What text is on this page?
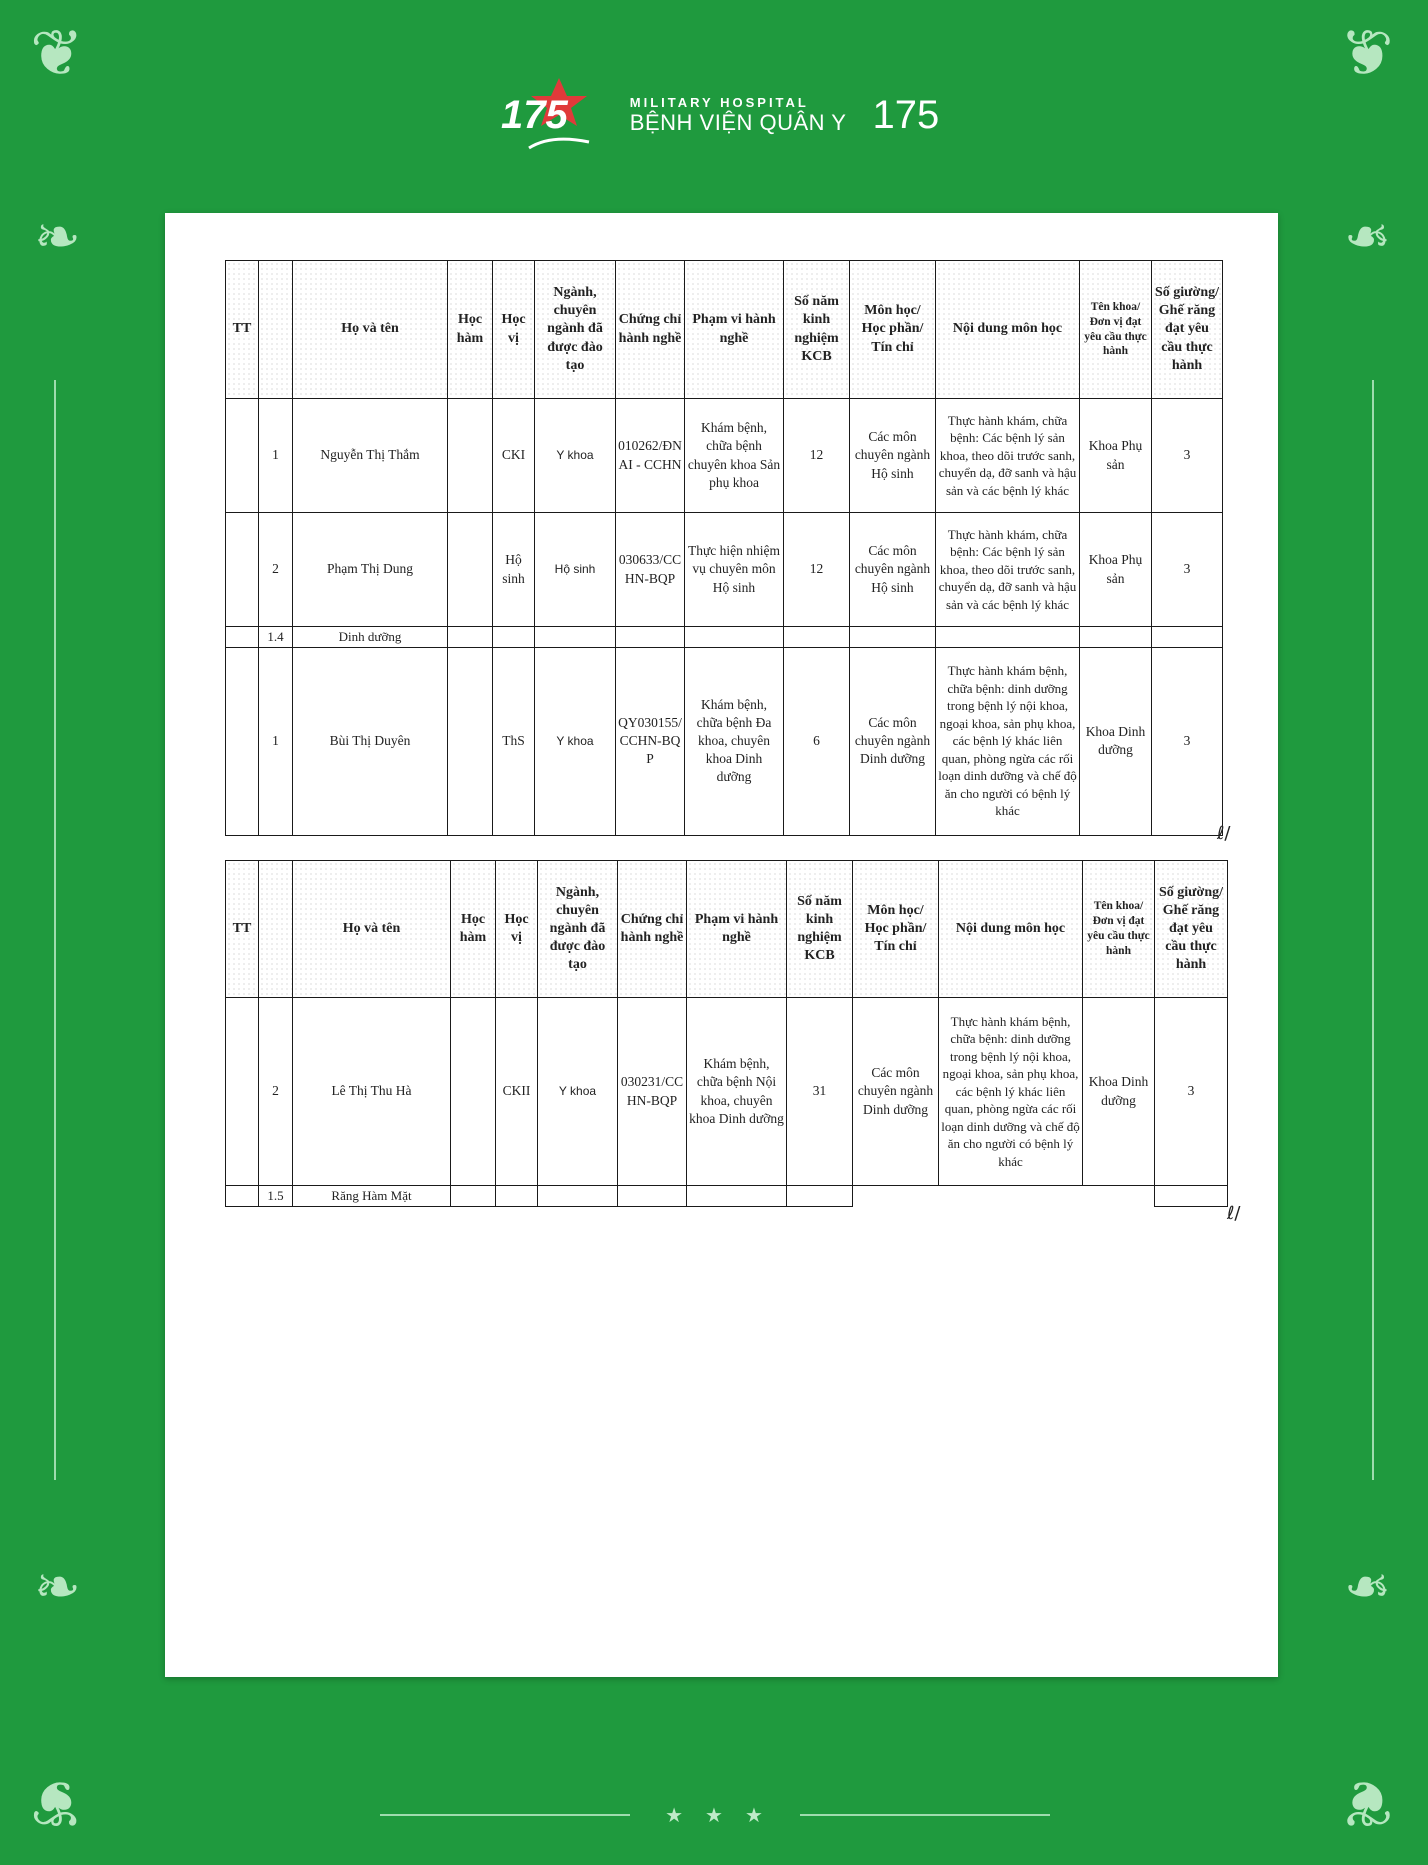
❦	❦
❦	❦
❧	❧
❧	❧
175	MILITARY HOSPITAL
BỆNH VIỆN QUÂN Y 175
TT		Họ và tên	Học hàm	Học vị	Ngành, chuyên ngành đã được đào tạo	Chứng chỉ hành nghề	Phạm vi hành nghề	Số năm kinh nghiệm KCB	Môn học/ Học phần/ Tín chỉ	Nội dung môn học	Tên khoa/ Đơn vị đạt yêu cầu thực hành	Số giường/ Ghế răng đạt yêu cầu thực hành
	1	Nguyễn Thị Thắm		CKI	Y khoa	010262/ĐNAI - CCHN	Khám bệnh, chữa bệnh chuyên khoa Sản phụ khoa	12	Các môn chuyên ngành Hộ sinh	Thực hành khám, chữa bệnh: Các bệnh lý sản khoa, theo dõi trước sanh, chuyển dạ, đỡ sanh và hậu sản và các bệnh lý khác	Khoa Phụ sản	3
	2	Phạm Thị Dung		Hộ sinh	Hộ sinh	030633/CCHN-BQP	Thực hiện nhiệm vụ chuyên môn Hộ sinh	12	Các môn chuyên ngành Hộ sinh	Thực hành khám, chữa bệnh: Các bệnh lý sản khoa, theo dõi trước sanh, chuyển dạ, đỡ sanh và hậu sản và các bệnh lý khác	Khoa Phụ sản	3
	1.4	Dinh dưỡng										
	1	Bùi Thị Duyên		ThS	Y khoa	QY030155/CCHN-BQP	Khám bệnh, chữa bệnh Đa khoa, chuyên khoa Dinh dưỡng	6	Các môn chuyên ngành Dinh dưỡng	Thực hành khám bệnh, chữa bệnh: dinh dưỡng trong bệnh lý nội khoa, ngoại khoa, sản phụ khoa, các bệnh lý khác liên quan, phòng ngừa các rối loạn dinh dưỡng và chế độ ăn cho người có bệnh lý khác	Khoa Dinh dưỡng	3
ℓ/
TT		Họ và tên	Học hàm	Học vị	Ngành, chuyên ngành đã được đào tạo	Chứng chỉ hành nghề	Phạm vi hành nghề	Số năm kinh nghiệm KCB	Môn học/ Học phần/ Tín chỉ	Nội dung môn học	Tên khoa/ Đơn vị đạt yêu cầu thực hành	Số giường/ Ghế răng đạt yêu cầu thực hành
	2	Lê Thị Thu Hà		CKII	Y khoa	030231/CCHN-BQP	Khám bệnh, chữa bệnh Nội khoa, chuyên khoa Dinh dưỡng	31	Các môn chuyên ngành Dinh dưỡng	Thực hành khám bệnh, chữa bệnh: dinh dưỡng trong bệnh lý nội khoa, ngoại khoa, sản phụ khoa, các bệnh lý khác liên quan, phòng ngừa các rối loạn dinh dưỡng và chế độ ăn cho người có bệnh lý khác	Khoa Dinh dưỡng	3
	1.5	Răng Hàm Mặt										
ℓ/
★ ★ ★
